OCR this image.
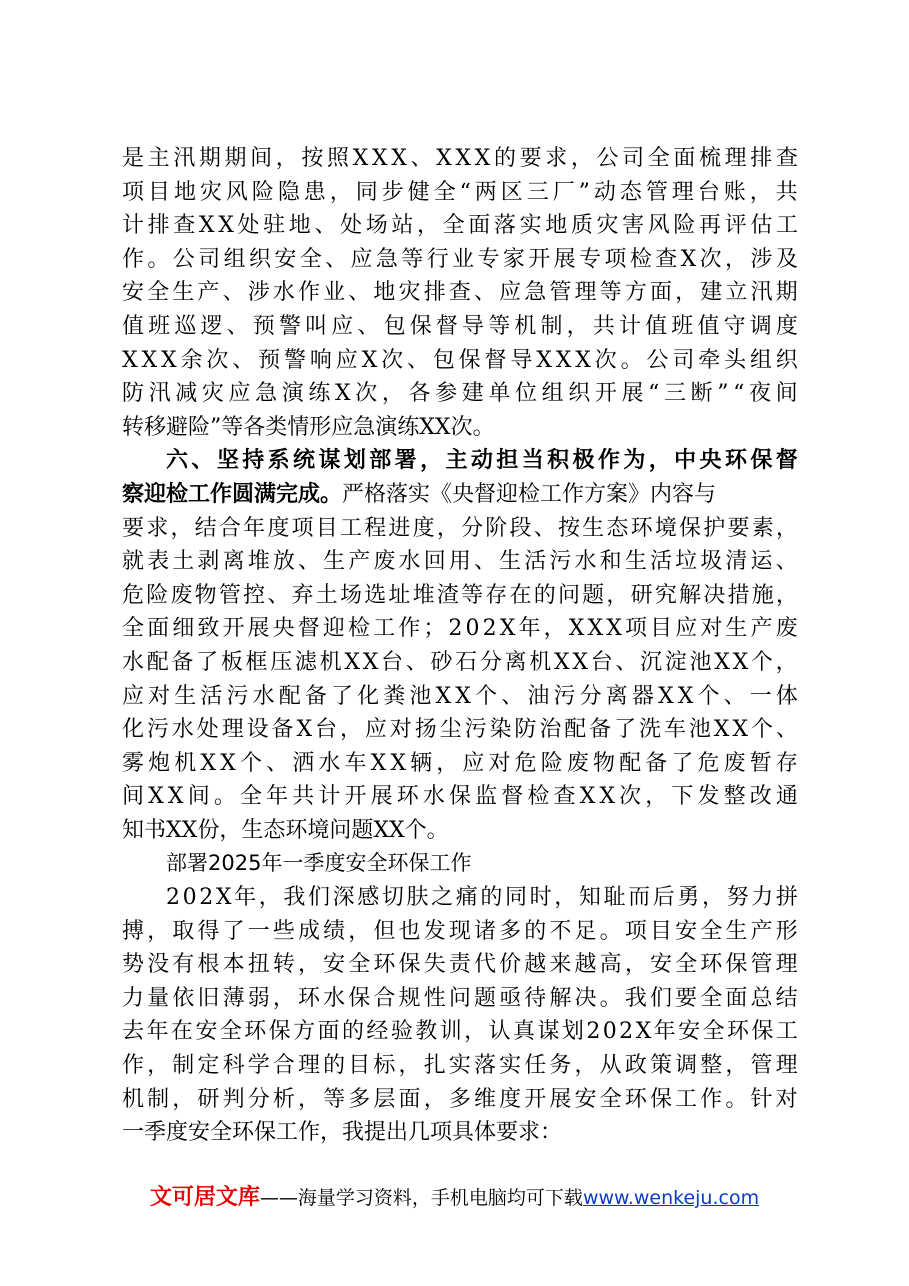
是 主 汛 期 期 间 ， 按 照 X X X 、 X X X 的 要 求 ， 公 司 全 面 梳 理 排 查
项 目 地 灾 风 险 隐 患 ， 同 步 健 全 “ 两 区 三 厂 ” 动 态 管 理 台 账 ， 共
计 排 查 X X 处 驻 地 、 处 场 站 ， 全 面 落 实 地 质 灾 害 风 险 再 评 估 工
作 。 公 司 组 织 安 全 、 应 急 等 行 业 专 家 开 展 专 项 检 查 X 次 ， 涉 及
安 全 生 产 、 涉 水 作 业 、 地 灾 排 查 、 应 急 管 理 等 方 面 ， 建 立 汛 期
值 班 巡 逻 、 预 警 叫 应 、 包 保 督 导 等 机 制 ， 共 计 值 班 值 守 调 度
X X X 余 次 、 预 警 响 应 X 次 、 包 保 督 导 X X X 次 。 公 司 牵 头 组 织
防 汛 减 灾 应 急 演 练 X 次 ， 各 参 建 单 位 组 织 开 展 “ 三 断 ” “ 夜 间
转移避险”等各类情形应急演练XX次。
六 、 坚 持 系 统 谋 划 部 署 ， 主 动 担 当 积 极 作 为 ， 中 央 环 保 督
察迎检工作圆满完成。 严格落实《央督迎检工作方案》内容与
要 求 ， 结 合 年 度 项 目 工 程 进 度 ， 分 阶 段 、 按 生 态 环 境 保 护 要 素 ，
就 表 土 剥 离 堆 放 、 生 产 废 水 回 用 、 生 活 污 水 和 生 活 垃 圾 清 运 、
危 险 废 物 管 控 、 弃 土 场 选 址 堆 渣 等 存 在 的 问 题 ， 研 究 解 决 措 施 ，
全 面 细 致 开 展 央 督 迎 检 工 作 ； 2 0 2 X 年 ， X X X 项 目 应 对 生 产 废
水 配 备 了 板 框 压 滤 机 X X 台 、 砂 石 分 离 机 X X 台 、 沉 淀 池 X X 个 ，
应 对 生 活 污 水 配 备 了 化 粪 池 X X 个 、 油 污 分 离 器 X X 个 、 一 体
化 污 水 处 理 设 备 X 台 ， 应 对 扬 尘 污 染 防 治 配 备 了 洗 车 池 X X 个 、
雾 炮 机 X X 个 、 洒 水 车 X X 辆 ， 应 对 危 险 废 物 配 备 了 危 废 暂 存
间 X X 间 。 全 年 共 计 开 展 环 水 保 监 督 检 查 X X 次 ， 下 发 整 改 通
知书XX份，生态环境问题XX个。
部署2025年一季度安全环保工作
2 0 2 X 年 ， 我 们 深 感 切 肤 之 痛 的 同 时 ， 知 耻 而 后 勇 ， 努 力 拼
搏 ， 取 得 了 一 些 成 绩 ， 但 也 发 现 诸 多 的 不 足 。 项 目 安 全 生 产 形
势 没 有 根 本 扭 转 ， 安 全 环 保 失 责 代 价 越 来 越 高 ， 安 全 环 保 管 理
力 量 依 旧 薄 弱 ， 环 水 保 合 规 性 问 题 亟 待 解 决 。 我 们 要 全 面 总 结
去 年 在 安 全 环 保 方 面 的 经 验 教 训 ， 认 真 谋 划 2 0 2 X 年 安 全 环 保 工
作 ， 制 定 科 学 合 理 的 目 标 ， 扎 实 落 实 任 务 ， 从 政 策 调 整 ， 管 理
机 制 ， 研 判 分 析 ， 等 多 层 面 ， 多 维 度 开 展 安 全 环 保 工 作 。 针 对
一季度安全环保工作，我提出几项具体要求：
文可居文库——海量学习资料，手机电脑均可下载www.wenkeju.com
